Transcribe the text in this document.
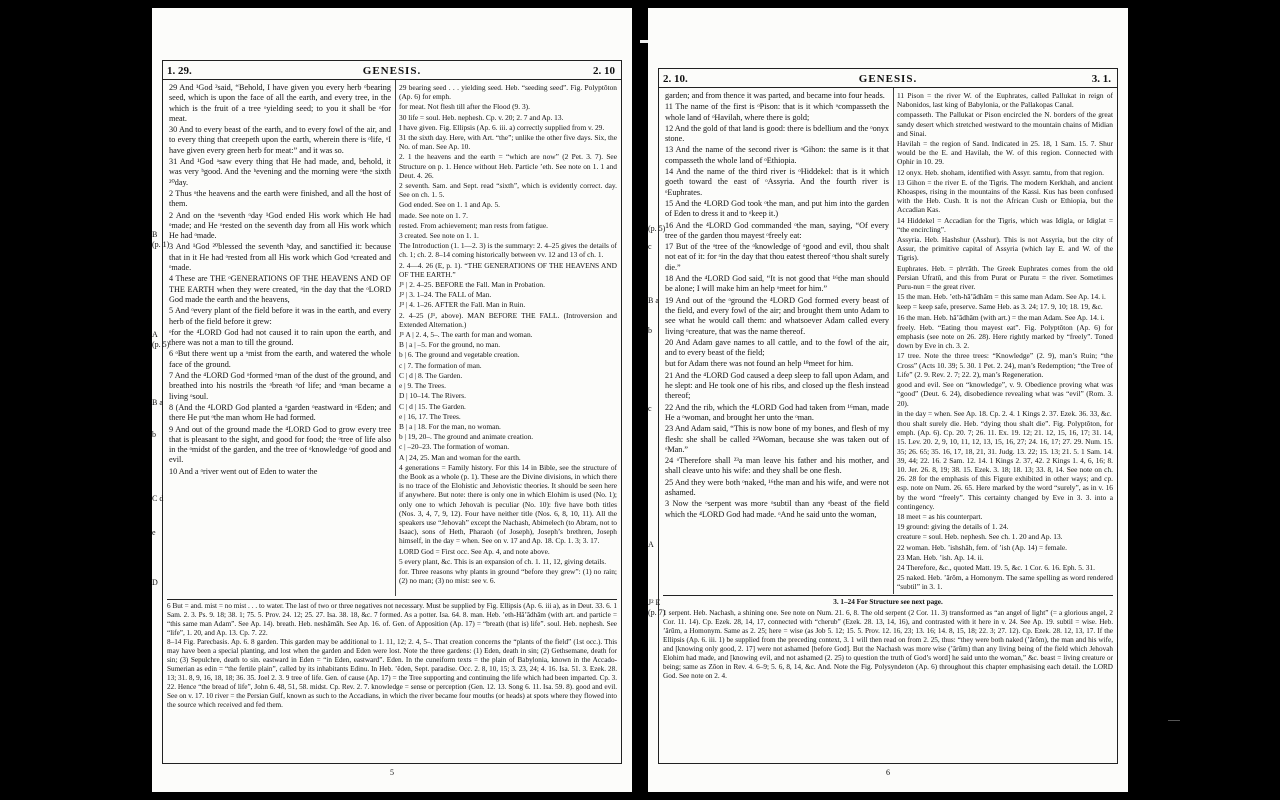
1. 29.	GENESIS.	2. 10

29 And ¹God ²said, “Behold, I have given you every herb ᵒbearing seed, which is upon the face of all the earth, and every tree, in the which is the fruit of a tree ᵒyielding seed; to you it shall be ᵒfor meat.

30 And to every beast of the earth, and to every fowl of the air, and to every thing that creepeth upon the earth, wherein there is ᵒlife, ᵒI have given every green herb for meat:” and it was so.

31 And ¹God ᵃsaw every thing that He had made, and, behold, it was very ᵇgood. And the ᵇevening and the morning were ᵒthe sixth ²⁰day.

2 Thus ᵒthe heavens and the earth were finished, and all the host of them.

2 And on the ᵒseventh ᵒday ¹God ended His work which He had ᵒmade; and He ᵒrested on the seventh day from all His work which He had ᵒmade.

3 And ¹God ²⁰blessed the seventh ᵇday, and sanctified it: because that in it He had ᵒrested from all His work which God ᵒcreated and ᵒmade.

4 These are THE ᵒGENERATIONS OF THE HEAVENS AND OF THE EARTH when they were created, ᵒin the day that the ᵒLORD God made the earth and the heavens,

5 And ᵒevery plant of the field before it was in the earth, and every herb of the field before it grew:

ᵒfor the ⁴LORD God had not caused it to rain upon the earth, and there was not a man to till the ground.

6 ᵒBut there went up a ᵒmist from the earth, and watered the whole face of the ground.

7 And the ⁴LORD God ᵒformed ᵒman of the dust of the ground, and breathed into his nostrils the ᵒbreath ᵒof life; and ᵒman became a living ᵒsoul.

8 (And the ⁴LORD God planted a ᵒgarden ᵒeastward in ᵒEden; and there He put ᵒthe man whom He had formed.

9 And out of the ground made the ⁴LORD God to grow every tree that is pleasant to the sight, and good for food; the ᵒtree of life also in the ᵒmidst of the garden, and the tree of ᵒknowledge ᵒof good and evil.

10 And a ᵒriver went out of Eden to water the

29 bearing seed . . . yielding seed. Heb. “seeding seed”. Fig. Polyptōton (Ap. 6) for emph.

for meat. Not flesh till after the Flood (9. 3).

30 life = soul. Heb. nephesh. Cp. v. 20; 2. 7 and Ap. 13.

I have given. Fig. Ellipsis (Ap. 6. iii. a) correctly supplied from v. 29.

31 the sixth day. Here, with Art. “the”; unlike the other five days. Six, the No. of man. See Ap. 10.

2. 1 the heavens and the earth = “which are now” (2 Pet. 3. 7). See Structure on p. 1. Hence without Heb. Particle ’eth. See note on 1. 1 and Deut. 4. 26.

2 seventh. Sam. and Sept. read “sixth”, which is evidently correct. day. See on ch. 1. 5.

God ended. See on 1. 1 and Ap. 5.

made. See note on 1. 7.

rested. From achievement; man rests from fatigue.

3 created. See note on 1. 1.

The Introduction (1. 1—2. 3) is the summary: 2. 4–25 gives the details of ch. 1; ch. 2. 8–14 coming historically between vv. 12 and 13 of ch. 1.

2. 4—4. 26 (E, p. 1). “THE GENERATIONS OF THE HEAVENS AND OF THE EARTH.”

J¹ | 2. 4–25. BEFORE the Fall. Man in Probation.

J² | 3. 1–24. The FALL of Man.

J³ | 4. 1–26. AFTER the Fall. Man in Ruin.

2. 4–25 (J¹, above). MAN BEFORE THE FALL. (Introversion and Extended Alternation.)

J¹ A | 2. 4, 5–. The earth for man and woman.

B | a | –5. For the ground, no man.

b | 6. The ground and vegetable creation.

c | 7. The formation of man.

C | d | 8. The Garden.

e | 9. The Trees.

D | 10–14. The Rivers.

C | d | 15. The Garden.

e | 16, 17. The Trees.

B | a | 18. For the man, no woman.

b | 19, 20–. The ground and animate creation.

c | –20–23. The formation of woman.

A | 24, 25. Man and woman for the earth.

4 generations = Family history. For this 14 in Bible, see the structure of the Book as a whole (p. 1). These are the Divine divisions, in which there is no trace of the Elohistic and Jehovistic theories. It should be seen here if anywhere. But note: there is only one in which Elohim is used (No. 1); only one to which Jehovah is peculiar (No. 10): five have both titles (Nos. 3, 4, 7, 9, 12). Four have neither title (Nos. 6, 8, 10, 11). All the speakers use “Jehovah” except the Nachash, Abimelech (to Abram, not to Isaac), sons of Heth, Pharaoh (of Joseph), Joseph’s brethren, Joseph himself, in the day = when. See on v. 17 and Ap. 18. Cp. 1. 3; 3. 17.

LORD God = First occ. See Ap. 4, and note above.

5 every plant, &c. This is an expansion of ch. 1. 11, 12, giving details.

for. Three reasons why plants in ground “before they grew”: (1) no rain; (2) no man; (3) no mist: see v. 6.

6 But = and. mist = no mist . . . to water. The last of two or three negatives not necessary. Must be supplied by Fig. Ellipsis (Ap. 6. iii a), as in Deut. 33. 6. 1 Sam. 2. 3. Ps. 9. 18; 38. 1; 75. 5. Prov. 24. 12; 25. 27. Isa. 38. 18, &c. 7 formed. As a potter. Isa. 64. 8. man. Heb. ’eth-Hā’ādhām (with art. and particle = “this same man Adam”. See Ap. 14). breath. Heb. neshāmāh. See Ap. 16. of. Gen. of Apposition (Ap. 17) = “breath (that is) life”. soul. Heb. nephesh. See “life”, 1. 20, and Ap. 13. Cp. 7. 22.

8–14 Fig. Parecbasis. Ap. 6. 8 garden. This garden may be additional to 1. 11, 12; 2. 4, 5–. That creation concerns the “plants of the field” (1st occ.). This may have been a special planting, and lost when the garden and Eden were lost. Note the three gardens: (1) Eden, death in sin; (2) Gethsemane, death for sin; (3) Sepulchre, death to sin. eastward in Eden = “in Eden, eastward”. Eden. In the cuneiform texts = the plain of Babylonia, known in the Accado-Sumerian as edin = “the fertile plain”, called by its inhabitants Edinu. In Heb. ’êden, Sept. paradise. Occ. 2. 8, 10, 15; 3. 23, 24; 4. 16. Isa. 51. 3. Ezek. 28. 13; 31. 8, 9, 16, 18, 18; 36. 35. Joel 2. 3. 9 tree of life. Gen. of cause (Ap. 17) = the Tree supporting and continuing the life which had been imparted. Cp. 3. 22. Hence “the bread of life”, John 6. 48, 51, 58. midst. Cp. Rev. 2. 7. knowledge = sense or perception (Gen. 12. 13. Song 6. 11. Isa. 59. 8). good and evil. See on v. 17. 10 river = the Persian Gulf, known as such to the Accadians, in which the river became four mouths (or heads) at spots where they flowed into the source which received and fed them.

5
B
(p. 1)
A
(p. 5)
B a
b
C d
e
D
2. 10.	GENESIS.	3. 1.

garden; and from thence it was parted, and became into four heads.

11 The name of the first is ᵒPison: that is it which ᵒcompasseth the whole land of ᵒHavilah, where there is gold;

12 And the gold of that land is good: there is bdellium and the ᵒonyx stone.

13 And the name of the second river is ᵒGihon: the same is it that compasseth the whole land of ᵒEthiopia.

14 And the name of the third river is ᵒHiddekel: that is it which goeth toward the east of ᵒAssyria. And the fourth river is ᵒEuphrates.

15 And the ⁴LORD God took ᵒthe man, and put him into the garden of Eden to dress it and to ᵒkeep it.)

16 And the ⁴LORD God commanded ᵒthe man, saying, “Of every tree of the garden thou mayest ᵒfreely eat:

17 But of the ᵒtree of the ᵒknowledge of ᵒgood and evil, thou shalt not eat of it: for ᵒin the day that thou eatest thereof ᵒthou shalt surely die.”

18 And the ⁴LORD God said, “It is not good that ¹⁶the man should be alone; I will make him an help ᵒmeet for him.”

19 And out of the ᵒground the ⁴LORD God formed every beast of the field, and every fowl of the air; and brought them unto Adam to see what he would call them: and whatsoever Adam called every living ᵒcreature, that was the name thereof.

20 And Adam gave names to all cattle, and to the fowl of the air, and to every beast of the field;

but for Adam there was not found an help ¹⁸meet for him.

21 And the ⁴LORD God caused a deep sleep to fall upon Adam, and he slept: and He took one of his ribs, and closed up the flesh instead thereof;

22 And the rib, which the ⁴LORD God had taken from ¹⁶man, made He a ᵒwoman, and brought her unto the ᵒman.

23 And Adam said, “This is now bone of my bones, and flesh of my flesh: she shall be called ²²Woman, because she was taken out of ᵒMan.”

24 ᵒTherefore shall ²³a man leave his father and his mother, and shall cleave unto his wife: and they shall be one flesh.

25 And they were both ᵒnaked, ¹⁶the man and his wife, and were not ashamed.

3 Now the ᵒserpent was more ᵒsubtil than any ᵒbeast of the field which the ⁴LORD God had made. ᵒAnd he said unto the woman,

11 Pison = the river W. of the Euphrates, called Pallukat in reign of Nabonidos, last king of Babylonia, or the Pallakopas Canal.

compasseth. The Pallukat or Pison encircled the N. borders of the great sandy desert which stretched westward to the mountain chains of Midian and Sinai.

Havilah = the region of Sand. Indicated in 25. 18, 1 Sam. 15. 7. Shur would be the E. and Havilah, the W. of this region. Connected with Ophir in 10. 29.

12 onyx. Heb. shoham, identified with Assyr. samtu, from that region.

13 Gihon = the river E. of the Tigris. The modern Kerkhah, and ancient Khoaspes, rising in the mountains of the Kassi. Kus has been confused with the Heb. Cush. It is not the African Cush or Ethiopia, but the Accadian Kas.

14 Hiddekel = Accadian for the Tigris, which was Idigla, or Idiglat = “the encircling”.

Assyria. Heb. Hashshur (Asshur). This is not Assyria, but the city of Assur, the primitive capital of Assyria (which lay E. and W. of the Tigris).

Euphrates. Heb. = phᵉrāth. The Greek Euphrates comes from the old Persian Ufratû, and this from Purat or Puratu = the river. Sometimes Puru-nun = the great river.

15 the man. Heb. ’eth-hā’ādhām = this same man Adam. See Ap. 14. i.

keep = keep safe, preserve. Same Heb. as 3. 24; 17. 9, 10; 18. 19, &c.

16 the man. Heb. hā’ādhām (with art.) = the man Adam. See Ap. 14. i.

freely. Heb. “Eating thou mayest eat”. Fig. Polyptōton (Ap. 6) for emphasis (see note on 26. 28). Here rightly marked by “freely”. Toned down by Eve in ch. 3. 2.

17 tree. Note the three trees: “Knowledge” (2. 9), man’s Ruin; “the Cross” (Acts 10. 39; 5. 30. 1 Pet. 2. 24), man’s Redemption; “the Tree of Life” (2. 9. Rev. 2. 7; 22. 2), man’s Regeneration.

good and evil. See on “knowledge”, v. 9. Obedience proving what was “good” (Deut. 6. 24), disobedience revealing what was “evil” (Rom. 3. 20).

in the day = when. See Ap. 18. Cp. 2. 4. 1 Kings 2. 37. Ezek. 36. 33, &c.

thou shalt surely die. Heb. “dying thou shalt die”. Fig. Polyptōton, for emph. (Ap. 6). Cp. 20. 7; 26. 11. Ex. 19. 12; 21. 12, 15, 16, 17; 31. 14, 15. Lev. 20. 2, 9, 10, 11, 12, 13, 15, 16, 27; 24. 16, 17; 27. 29. Num. 15. 35; 26. 65; 35. 16, 17, 18, 21, 31. Judg. 13. 22; 15. 13; 21. 5. 1 Sam. 14. 39, 44; 22. 16. 2 Sam. 12. 14. 1 Kings 2. 37, 42. 2 Kings 1. 4, 6, 16; 8. 10. Jer. 26. 8, 19; 38. 15. Ezek. 3. 18; 18. 13; 33. 8, 14. See note on ch. 26. 28 for the emphasis of this Figure exhibited in other ways; and cp. esp. note on Num. 26. 65. Here marked by the word “surely”, as in v. 16 by the word “freely”. This certainty changed by Eve in 3. 3. into a contingency.

18 meet = as his counterpart.

19 ground: giving the details of 1. 24.

creature = soul. Heb. nephesh. See ch. 1. 20 and Ap. 13.

22 woman. Heb. ’ishshāh, fem. of ’ish (Ap. 14) = female.

23 Man. Heb. ’ish. Ap. 14. ii.

24 Therefore, &c., quoted Matt. 19. 5, &c. 1 Cor. 6. 16. Eph. 5. 31.

25 naked. Heb. ’ārōm, a Homonym. The same spelling as word rendered “subtil” in 3. 1.

3. 1–24 For Structure see next page.

1 serpent. Heb. Nachash, a shining one. See note on Num. 21. 6, 8. The old serpent (2 Cor. 11. 3) transformed as “an angel of light” (= a glorious angel, 2 Cor. 11. 14). Cp. Ezek. 28, 14, 17, connected with “cherub” (Ezek. 28. 13, 14, 16), and contrasted with it here in v. 24. See Ap. 19. subtil = wise. Heb. ’ārūm, a Homonym. Same as 2. 25; here = wise (as Job 5. 12; 15. 5. Prov. 12. 16, 23; 13. 16; 14. 8, 15, 18; 22. 3; 27. 12). Cp. Ezek. 28. 12, 13, 17. If the Ellipsis (Ap. 6. iii. 1) be supplied from the preceding context, 3. 1 will then read on from 2. 25, thus: “they were both naked (’ārōm), the man and his wife, and [knowing only good, 2. 17] were not ashamed [before God]. But the Nachash was more wise (’ārūm) than any living being of the field which Jehovah Elohim had made, and [knowing evil, and not ashamed (2. 25) to question the truth of God’s word] he said unto the woman,” &c. beast = living creature or being; same as Zōon in Rev. 4. 6–9; 5. 6, 8, 14, &c. And. Note the Fig. Polysyndeton (Ap. 6) throughout this chapter emphasising each detail. the LORD God. See note on 2. 4.

6
(p. 5)
c
B a
b
c
A
J² E
(p. 7)
